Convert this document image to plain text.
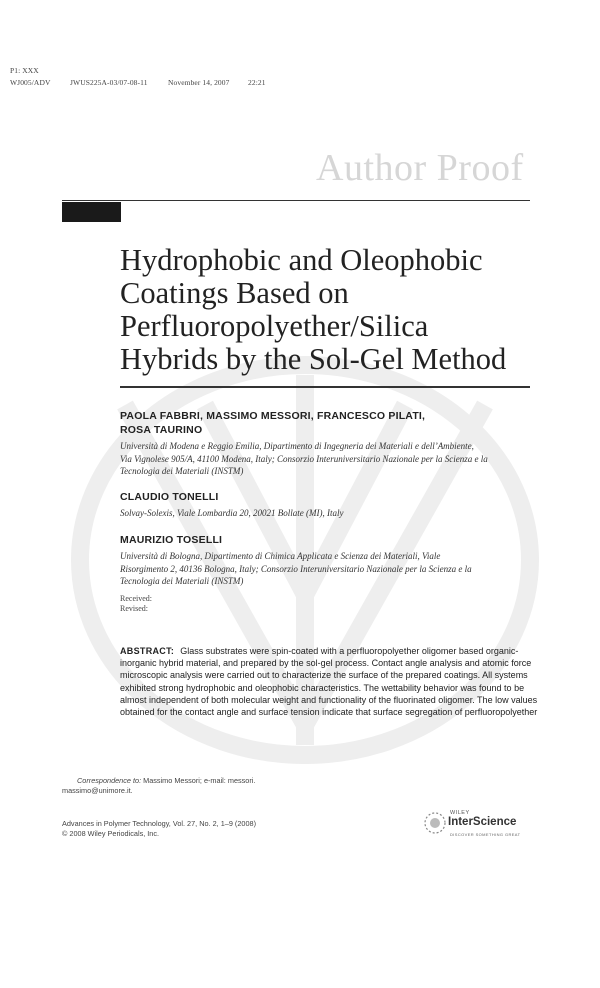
P1: XXX
WJ005/ADV	JWUS225A-03/07-08-11	November 14, 2007 22:21
Author Proof
Hydrophobic and Oleophobic
Coatings Based on
Perfluoropolyether/Silica
Hybrids by the Sol-Gel Method
PAOLA FABBRI, MASSIMO MESSORI, FRANCESCO PILATI,
ROSA TAURINO
Università di Modena e Reggio Emilia, Dipartimento di Ingegneria dei Materiali e dell’Ambiente,
Via Vignolese 905/A, 41100 Modena, Italy; Consorzio Interuniversitario Nazionale per la Scienza e la
Tecnologia dei Materiali (INSTM)
CLAUDIO TONELLI
Solvay-Solexis, Viale Lombardia 20, 20021 Bollate (MI), Italy
MAURIZIO TOSELLI
Università di Bologna, Dipartimento di Chimica Applicata e Scienza dei Materiali, Viale
Risorgimento 2, 40136 Bologna, Italy; Consorzio Interuniversitario Nazionale per la Scienza e la
Tecnologia dei Materiali (INSTM)
Received:
Revised:
ABSTRACT: Glass substrates were spin-coated with a perfluoropolyether oligomer based organic-inorganic hybrid material, and prepared by the sol-gel process. Contact angle analysis and atomic force microscopic analysis were carried out to characterize the surface of the prepared coatings. All systems exhibited strong hydrophobic and oleophobic characteristics. The wettability behavior was found to be almost independent of both molecular weight and functionality of the fluorinated oligomer. The low values obtained for the contact angle and surface tension indicate that surface segregation of perfluoropolyether
Correspondence to: Massimo Messori; e-mail: messori.
massimo@unimore.it.
Advances in Polymer Technology, Vol. 27, No. 2, 1–9 (2008)
© 2008 Wiley Periodicals, Inc.
WILEY
InterScience
DISCOVER SOMETHING GREAT
